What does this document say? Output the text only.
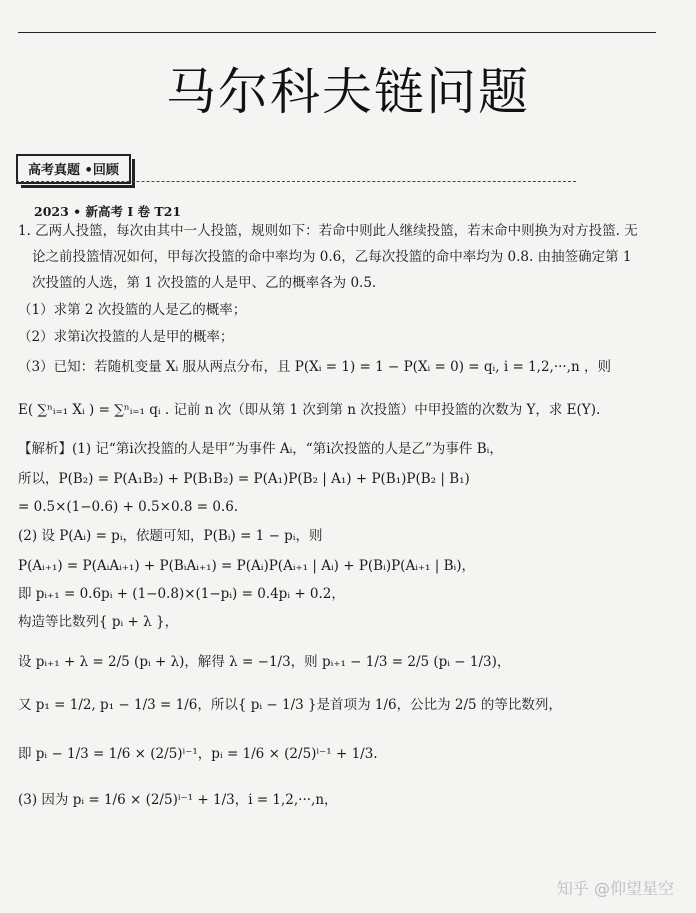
马尔科夫链问题
高考真题 •回顾
2023 • 新高考 I 卷 T21
1. 乙两人投篮，每次由其中一人投篮，规则如下：若命中则此人继续投篮，若末命中则换为对方投篮. 无
论之前投篮情况如何，甲每次投篮的命中率均为 0.6，乙每次投篮的命中率均为 0.8. 由抽签确定第 1
次投篮的人选，第 1 次投篮的人是甲、乙的概率各为 0.5.
（1）求第 2 次投篮的人是乙的概率；
（2）求第i次投篮的人是甲的概率；
（3）已知：若随机变量 Xᵢ 服从两点分布，且 P(Xᵢ = 1) = 1 − P(Xᵢ = 0) = qᵢ, i = 1,2,···,n ，则
E( ∑ⁿᵢ₌₁ Xᵢ ) = ∑ⁿᵢ₌₁ qᵢ . 记前 n 次（即从第 1 次到第 n 次投篮）中甲投篮的次数为 Y，求 E(Y).
【解析】(1) 记“第i次投篮的人是甲”为事件 Aᵢ，“第i次投篮的人是乙”为事件 Bᵢ，
所以，P(B₂) = P(A₁B₂) + P(B₁B₂) = P(A₁)P(B₂ | A₁) + P(B₁)P(B₂ | B₁)
= 0.5×(1−0.6) + 0.5×0.8 = 0.6.
(2) 设 P(Aᵢ) = pᵢ，依题可知，P(Bᵢ) = 1 − pᵢ，则
P(Aᵢ₊₁) = P(AᵢAᵢ₊₁) + P(BᵢAᵢ₊₁) = P(Aᵢ)P(Aᵢ₊₁ | Aᵢ) + P(Bᵢ)P(Aᵢ₊₁ | Bᵢ)，
即 pᵢ₊₁ = 0.6pᵢ + (1−0.8)×(1−pᵢ) = 0.4pᵢ + 0.2，
构造等比数列{ pᵢ + λ }，
设 pᵢ₊₁ + λ = 2/5 (pᵢ + λ)，解得 λ = −1/3，则 pᵢ₊₁ − 1/3 = 2/5 (pᵢ − 1/3)，
又 p₁ = 1/2, p₁ − 1/3 = 1/6，所以{ pᵢ − 1/3 }是首项为 1/6，公比为 2/5 的等比数列，
即 pᵢ − 1/3 = 1/6 × (2/5)ⁱ⁻¹，pᵢ = 1/6 × (2/5)ⁱ⁻¹ + 1/3.
(3) 因为 pᵢ = 1/6 × (2/5)ⁱ⁻¹ + 1/3，i = 1,2,···,n，
知乎 @仰望星空
